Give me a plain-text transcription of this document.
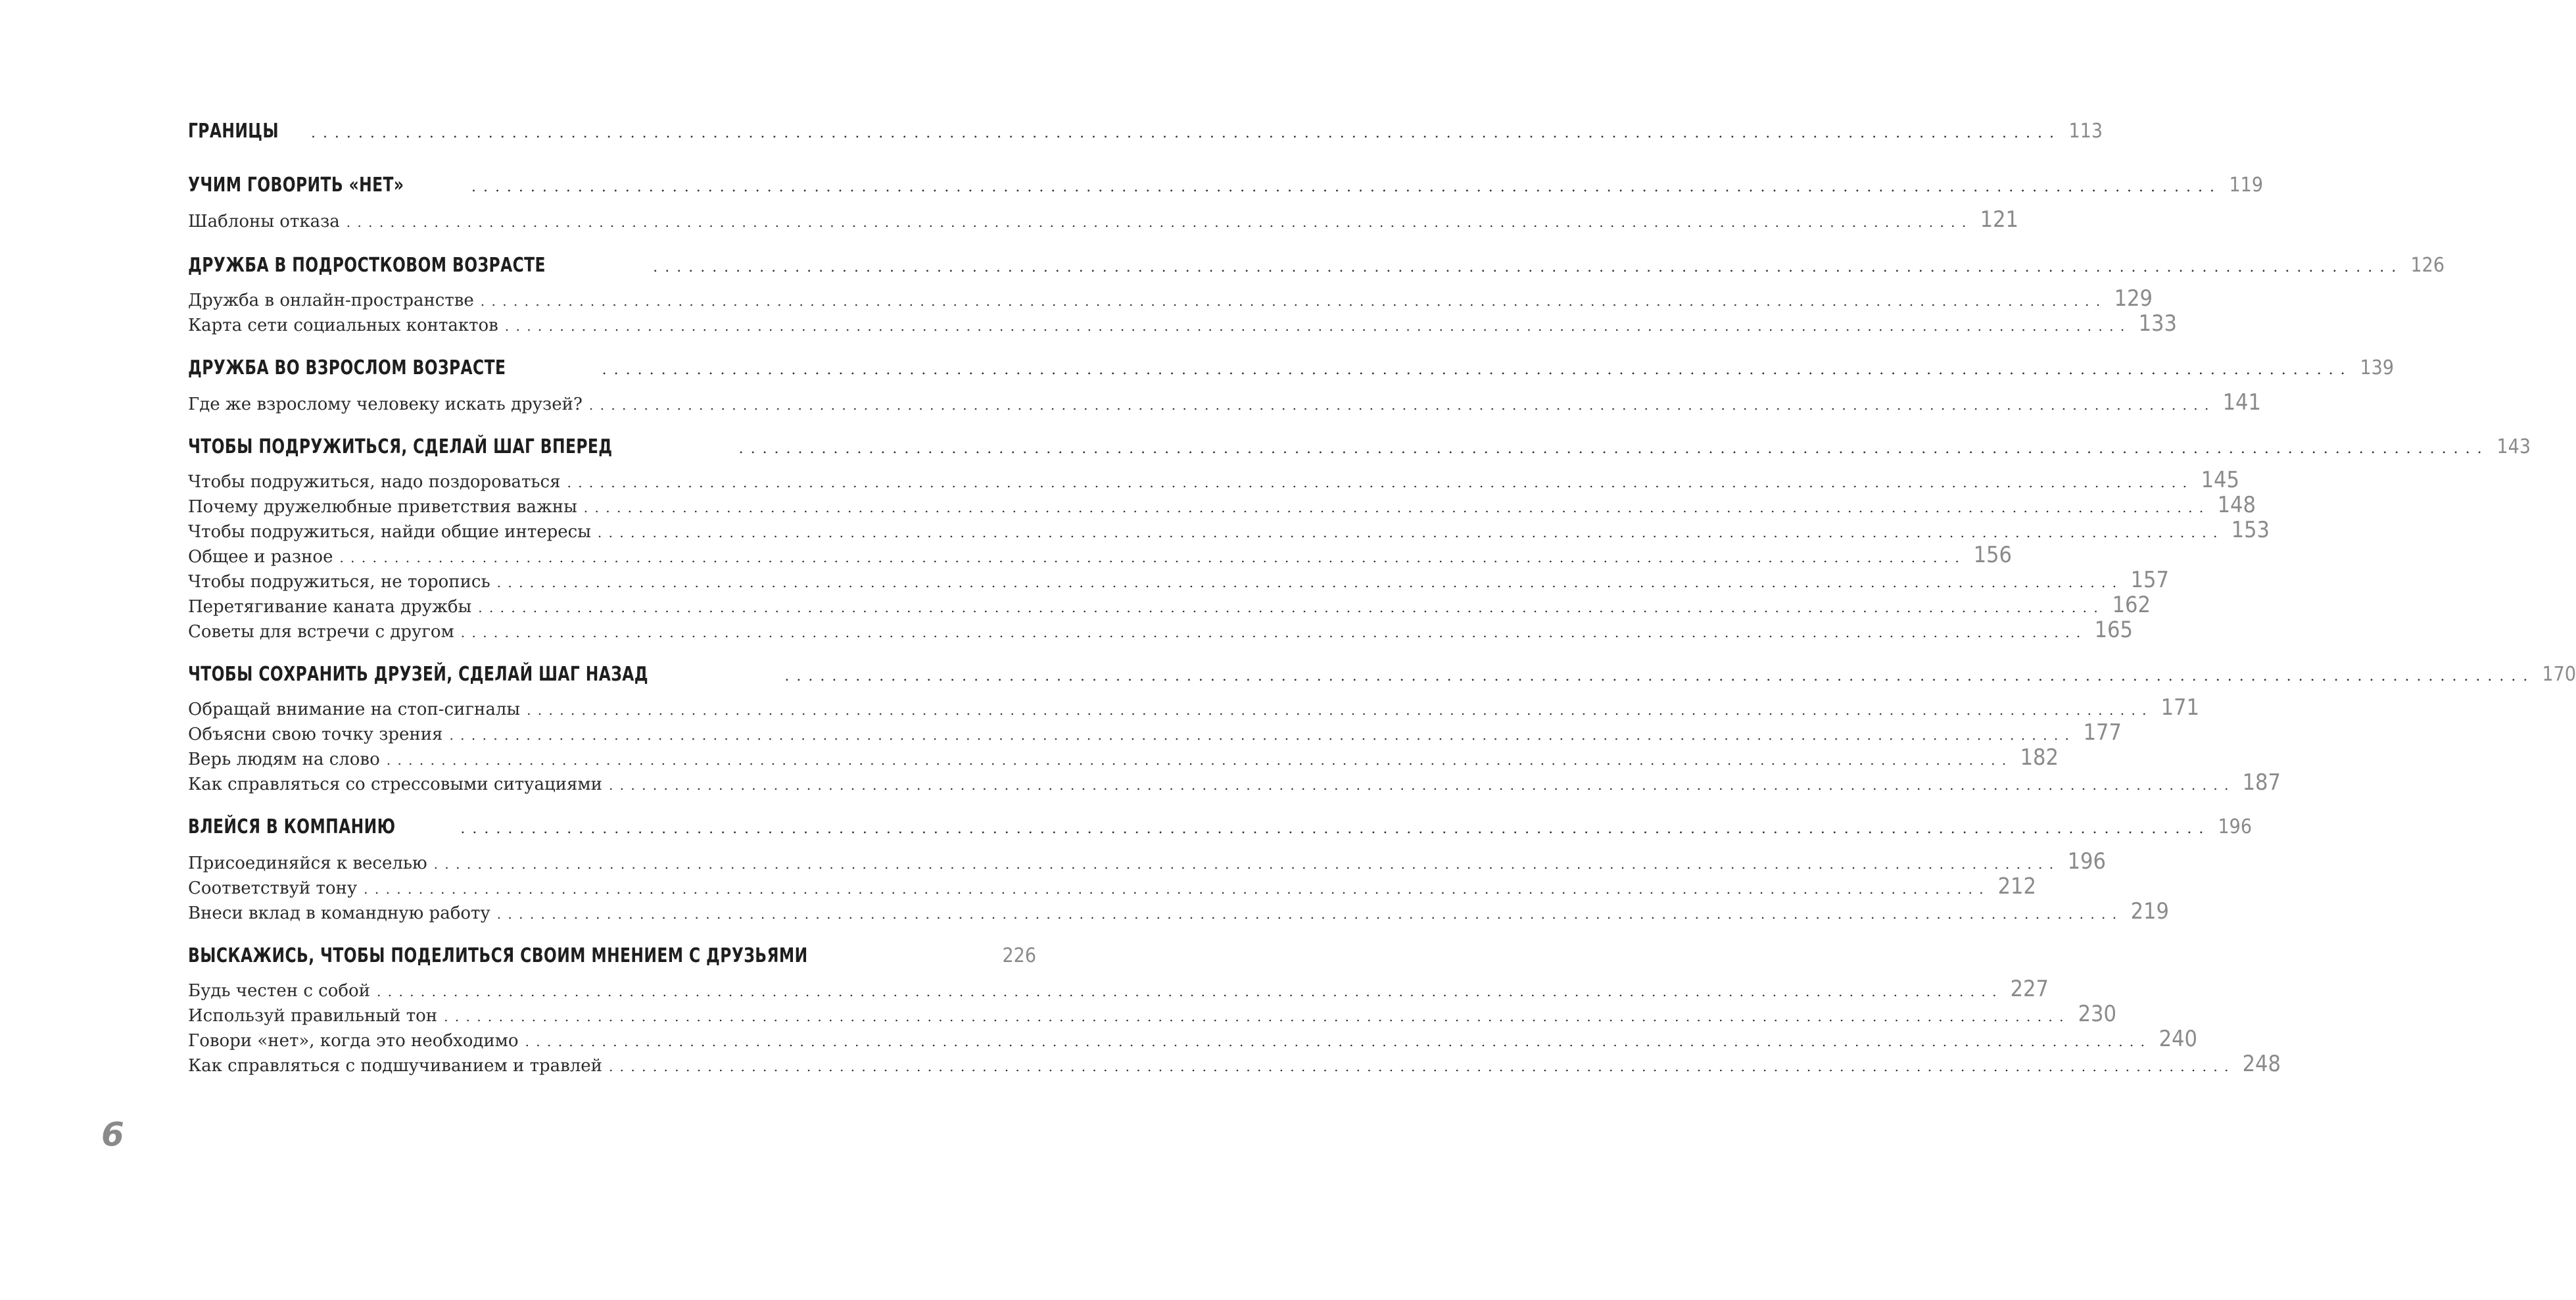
ГРАНИЦЫ . . .	113
УЧИМ ГОВОРИТЬ «НЕТ» . . .	119
Шаблоны отказа . . .	121
ДРУЖБА В ПОДРОСТКОВОМ ВОЗРАСТЕ . . .	126
Дружба в онлайн-пространстве . . .	129
Карта сети социальных контактов . . .	133
ДРУЖБА ВО ВЗРОСЛОМ ВОЗРАСТЕ . . .	139
Где же взрослому человеку искать друзей? . . .	141
ЧТОБЫ ПОДРУЖИТЬСЯ, СДЕЛАЙ ШАГ ВПЕРЕД . . .	143
Чтобы подружиться, надо поздороваться . . .	145
Почему дружелюбные приветствия важны . . .	148
Чтобы подружиться, найди общие интересы . . .	153
Общее и разное . . .	156
Чтобы подружиться, не торопись . . .	157
Перетягивание каната дружбы . . .	162
Советы для встречи с другом . . .	165
ЧТОБЫ СОХРАНИТЬ ДРУЗЕЙ, СДЕЛАЙ ШАГ НАЗАД . . .	170
Обращай внимание на стоп-сигналы . . .	171
Объясни свою точку зрения . . .	177
Верь людям на слово . . .	182
Как справляться со стрессовыми ситуациями . . .	187
ВЛЕЙСЯ В КОМПАНИЮ . . .	196
Присоединяйся к веселью . . .	196
Соответствуй тону . . .	212
Внеси вклад в командную работу . . .	219
ВЫСКАЖИСЬ, ЧТОБЫ ПОДЕЛИТЬСЯ СВОИМ МНЕНИЕМ С ДРУЗЬЯМИ	226
Будь честен с собой . . .	227
Используй правильный тон . . .	230
Говори «нет», когда это необходимо . . .	240
Как справляться с подшучиванием и травлей . . .	248
6
